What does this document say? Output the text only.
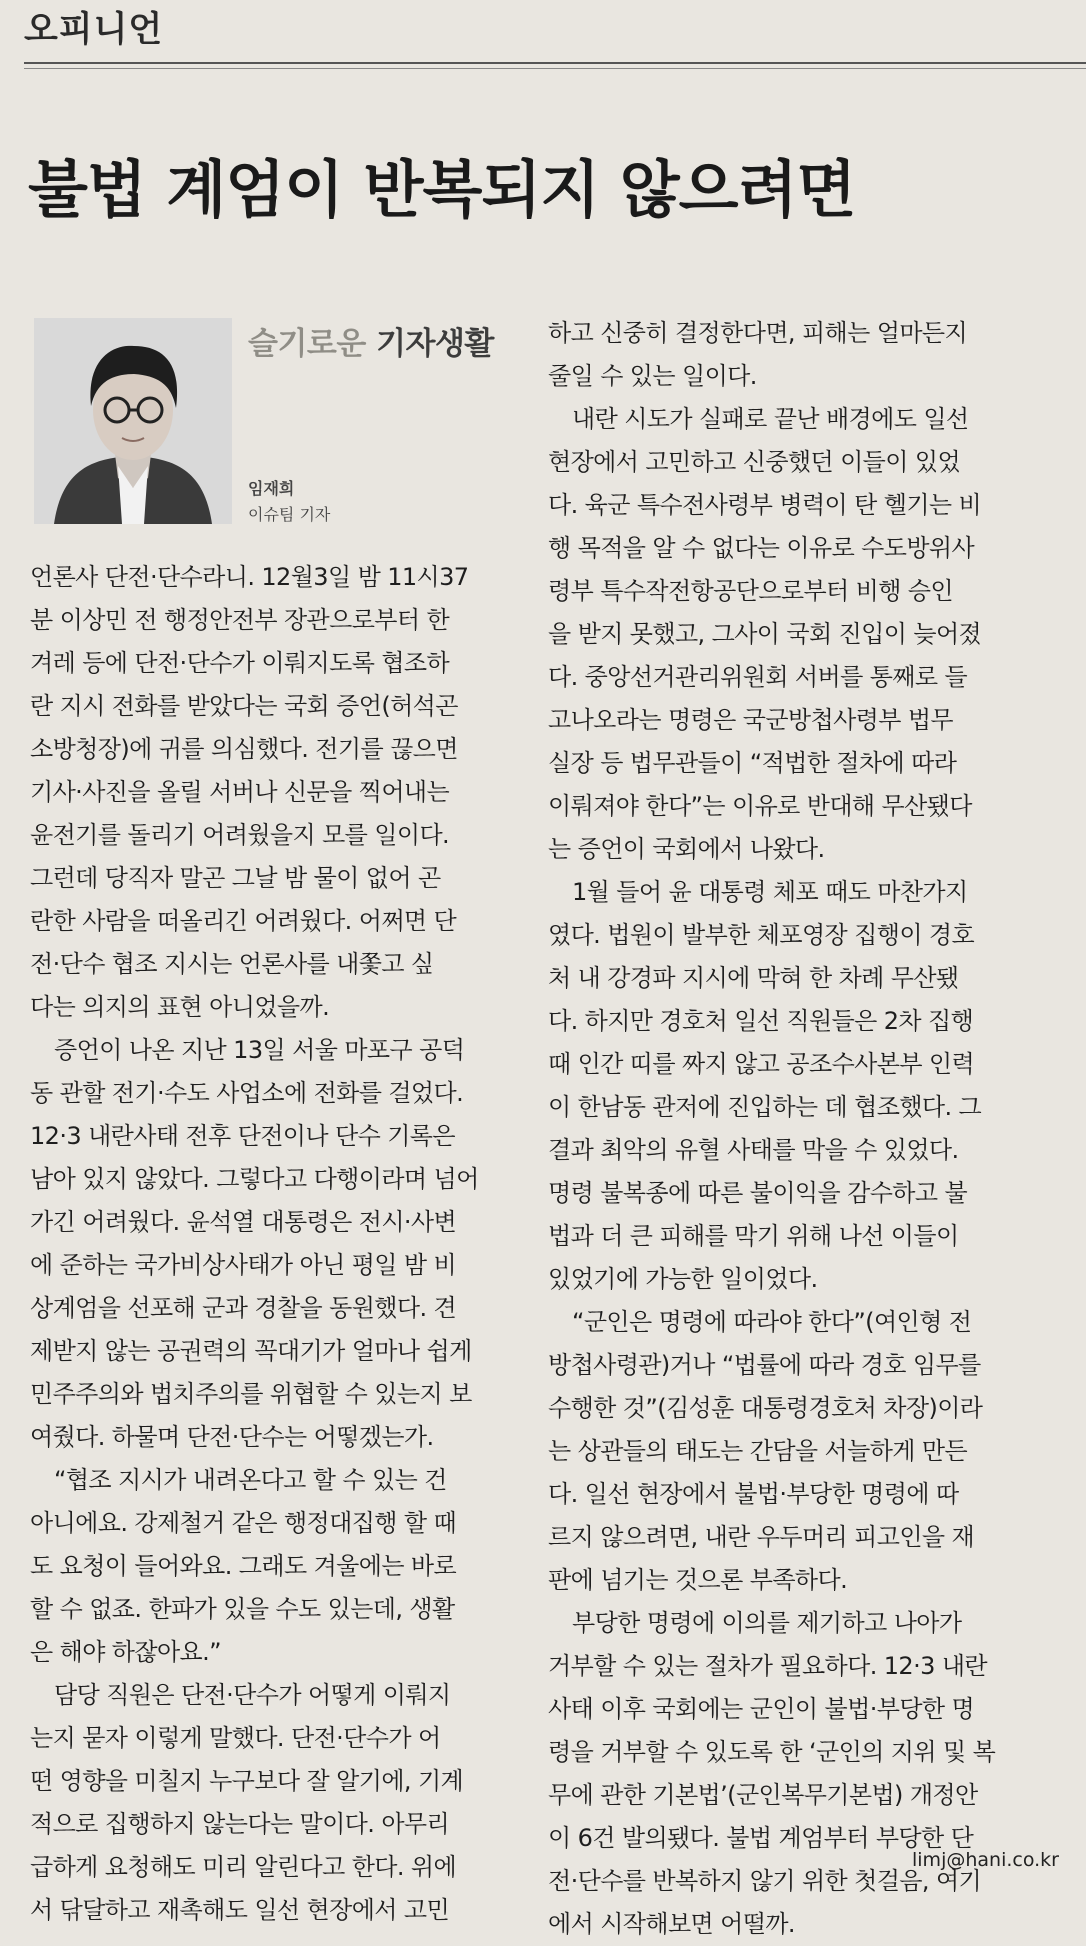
오피니언
불법 계엄이 반복되지 않으려면
슬기로운 기자생활
임재희
이슈팀 기자
언론사 단전·단수라니. 12월3일 밤 11시37
분 이상민 전 행정안전부 장관으로부터 한
겨레 등에 단전·단수가 이뤄지도록 협조하
란 지시 전화를 받았다는 국회 증언(허석곤
소방청장)에 귀를 의심했다. 전기를 끊으면
기사·사진을 올릴 서버나 신문을 찍어내는
윤전기를 돌리기 어려웠을지 모를 일이다.
그런데 당직자 말곤 그날 밤 물이 없어 곤
란한 사람을 떠올리긴 어려웠다. 어쩌면 단
전·단수 협조 지시는 언론사를 내쫓고 싶
다는 의지의 표현 아니었을까.
증언이 나온 지난 13일 서울 마포구 공덕
동 관할 전기·수도 사업소에 전화를 걸었다.
12·3 내란사태 전후 단전이나 단수 기록은
남아 있지 않았다. 그렇다고 다행이라며 넘어
가긴 어려웠다. 윤석열 대통령은 전시·사변
에 준하는 국가비상사태가 아닌 평일 밤 비
상계엄을 선포해 군과 경찰을 동원했다. 견
제받지 않는 공권력의 꼭대기가 얼마나 쉽게
민주주의와 법치주의를 위협할 수 있는지 보
여줬다. 하물며 단전·단수는 어떻겠는가.
“협조 지시가 내려온다고 할 수 있는 건
아니에요. 강제철거 같은 행정대집행 할 때
도 요청이 들어와요. 그래도 겨울에는 바로
할 수 없죠. 한파가 있을 수도 있는데, 생활
은 해야 하잖아요.”
담당 직원은 단전·단수가 어떻게 이뤄지
는지 묻자 이렇게 말했다. 단전·단수가 어
떤 영향을 미칠지 누구보다 잘 알기에, 기계
적으로 집행하지 않는다는 말이다. 아무리
급하게 요청해도 미리 알린다고 한다. 위에
서 닦달하고 재촉해도 일선 현장에서 고민
하고 신중히 결정한다면, 피해는 얼마든지
줄일 수 있는 일이다.
내란 시도가 실패로 끝난 배경에도 일선
현장에서 고민하고 신중했던 이들이 있었
다. 육군 특수전사령부 병력이 탄 헬기는 비
행 목적을 알 수 없다는 이유로 수도방위사
령부 특수작전항공단으로부터 비행 승인
을 받지 못했고, 그사이 국회 진입이 늦어졌
다. 중앙선거관리위원회 서버를 통째로 들
고나오라는 명령은 국군방첩사령부 법무
실장 등 법무관들이 “적법한 절차에 따라
이뤄져야 한다”는 이유로 반대해 무산됐다
는 증언이 국회에서 나왔다.
1월 들어 윤 대통령 체포 때도 마찬가지
였다. 법원이 발부한 체포영장 집행이 경호
처 내 강경파 지시에 막혀 한 차례 무산됐
다. 하지만 경호처 일선 직원들은 2차 집행
때 인간 띠를 짜지 않고 공조수사본부 인력
이 한남동 관저에 진입하는 데 협조했다. 그
결과 최악의 유혈 사태를 막을 수 있었다.
명령 불복종에 따른 불이익을 감수하고 불
법과 더 큰 피해를 막기 위해 나선 이들이
있었기에 가능한 일이었다.
“군인은 명령에 따라야 한다”(여인형 전
방첩사령관)거나 “법률에 따라 경호 임무를
수행한 것”(김성훈 대통령경호처 차장)이라
는 상관들의 태도는 간담을 서늘하게 만든
다. 일선 현장에서 불법·부당한 명령에 따
르지 않으려면, 내란 우두머리 피고인을 재
판에 넘기는 것으론 부족하다.
부당한 명령에 이의를 제기하고 나아가
거부할 수 있는 절차가 필요하다. 12·3 내란
사태 이후 국회에는 군인이 불법·부당한 명
령을 거부할 수 있도록 한 ‘군인의 지위 및 복
무에 관한 기본법’(군인복무기본법) 개정안
이 6건 발의됐다. 불법 계엄부터 부당한 단
전·단수를 반복하지 않기 위한 첫걸음, 여기
에서 시작해보면 어떨까.
limj@hani.co.kr
